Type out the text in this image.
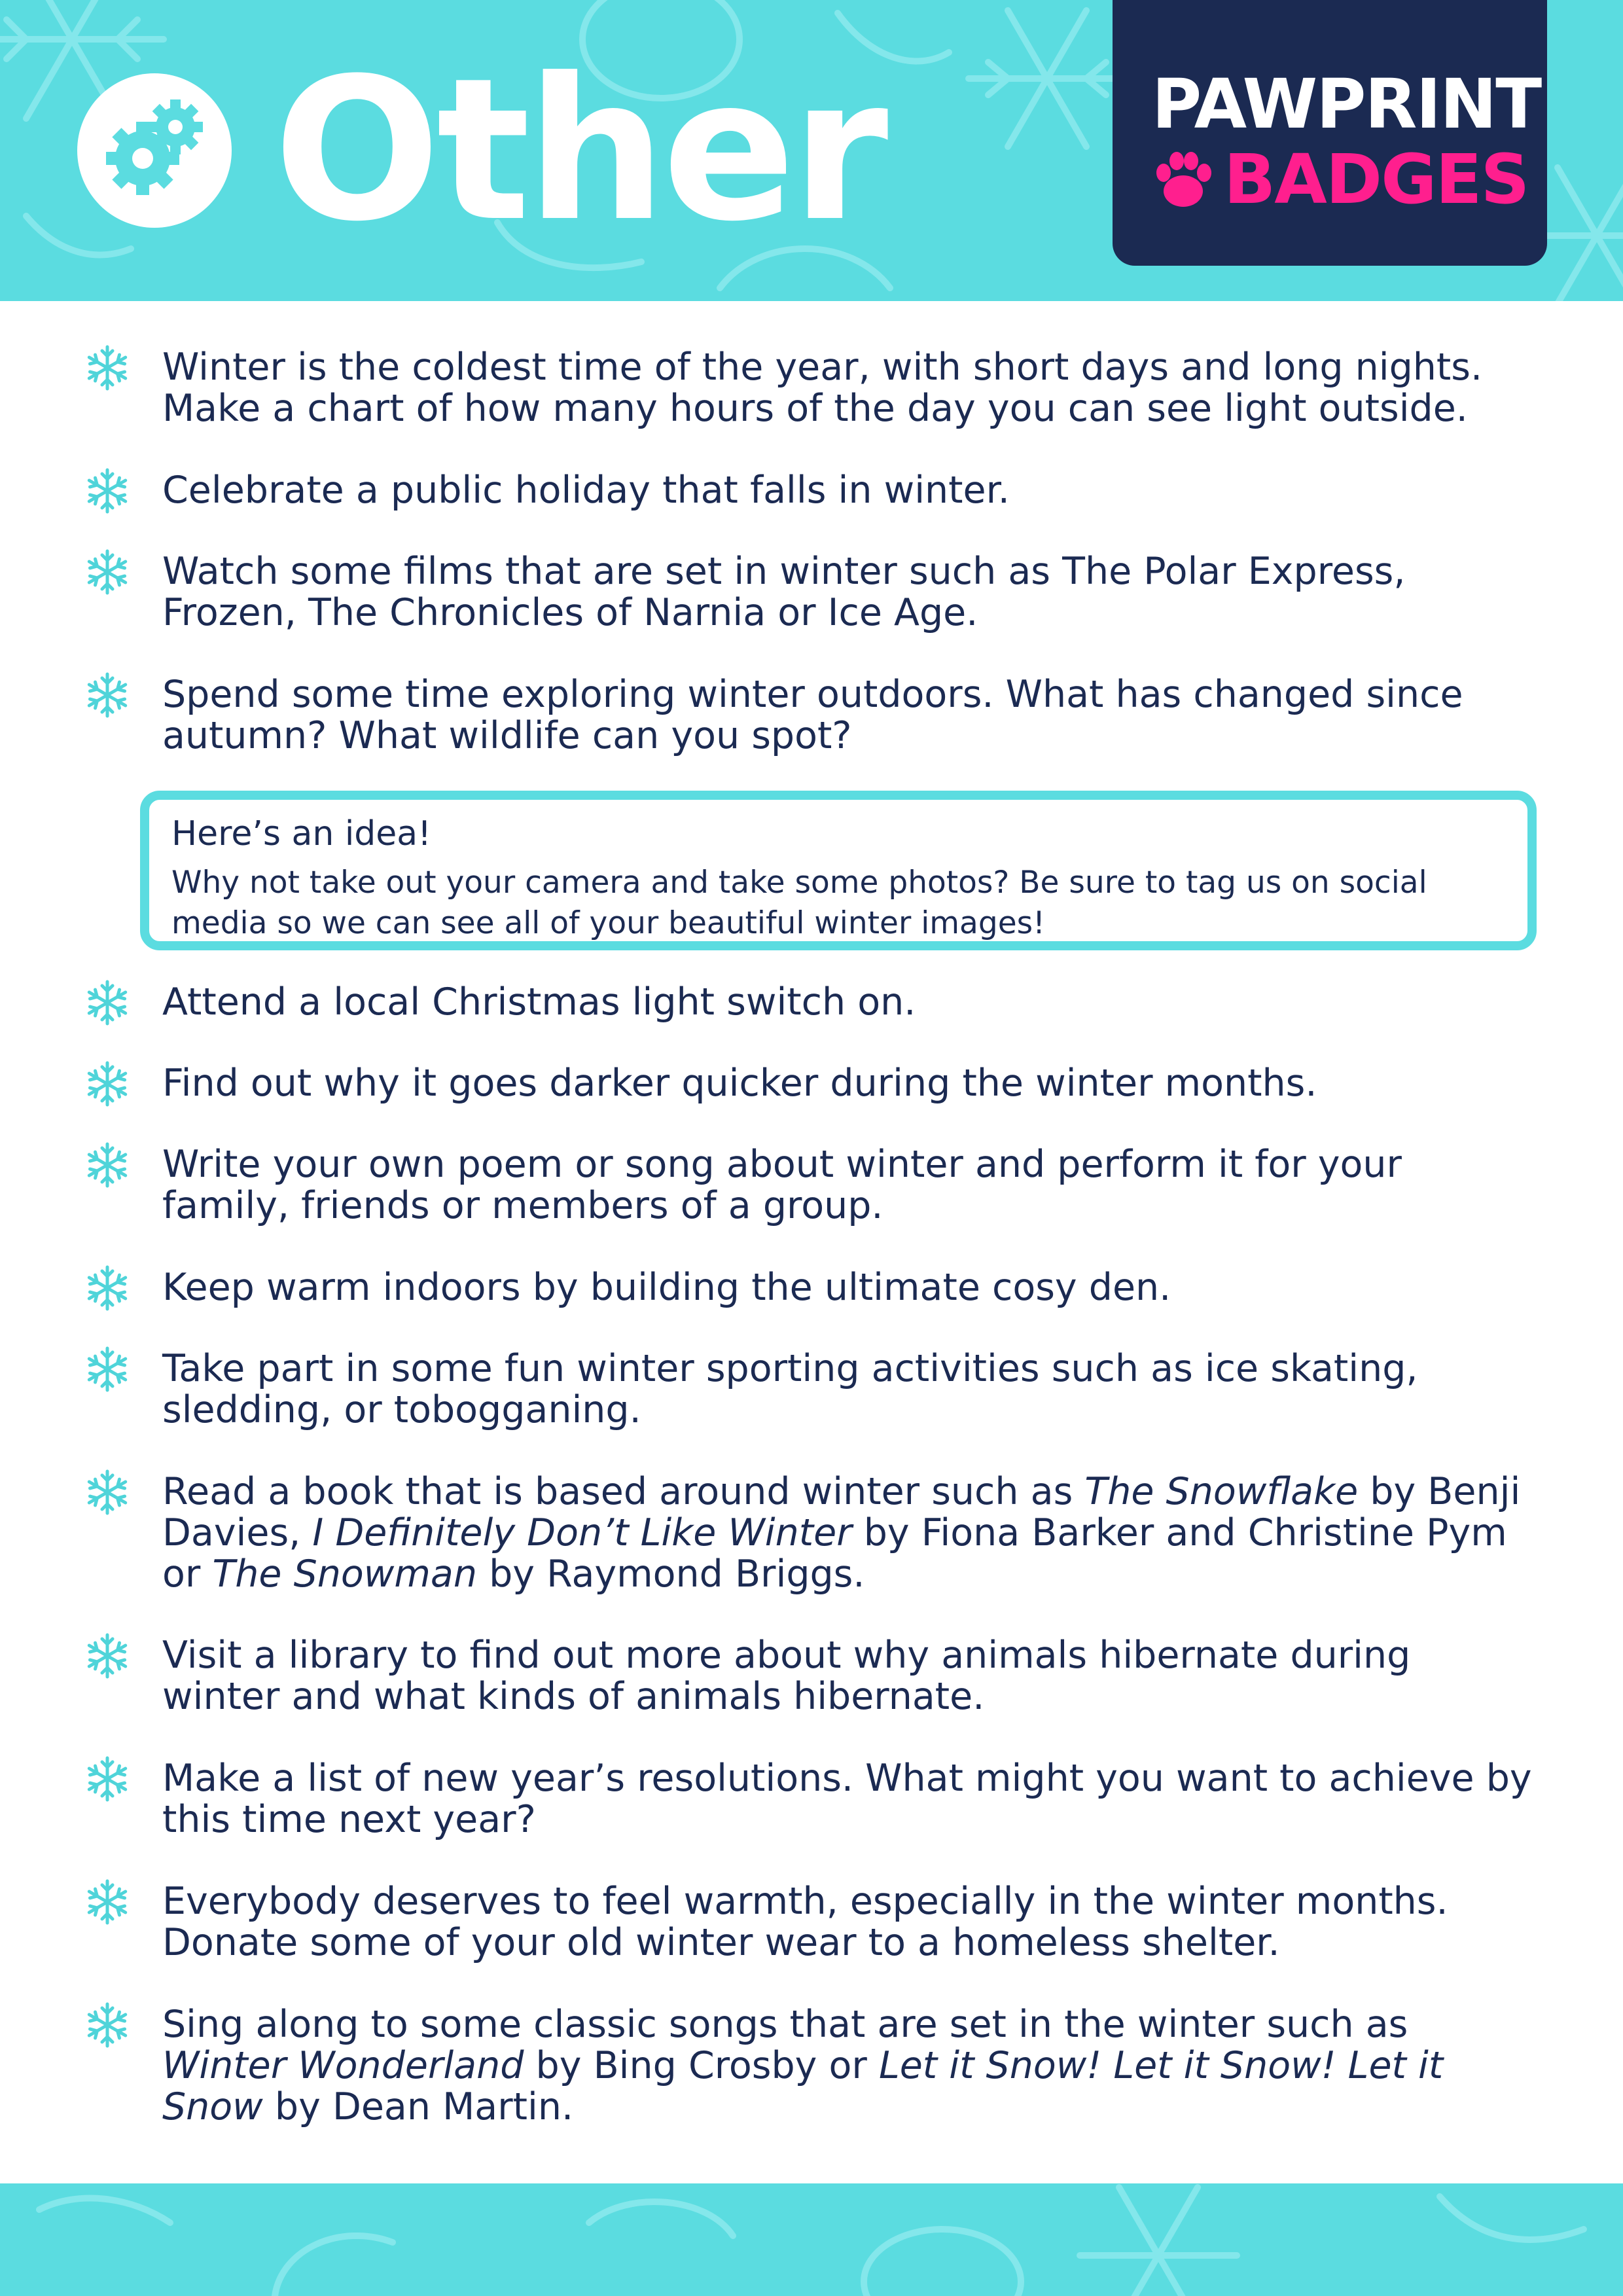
Other	PAWPRINT
BADGES
Winter is the coldest time of the year, with short days and long nights. Make a chart of how many hours of the day you can see light outside.
Celebrate a public holiday that falls in winter.
Watch some films that are set in winter such as The Polar Express, Frozen, The Chronicles of Narnia or Ice Age.
Spend some time exploring winter outdoors. What has changed since autumn? What wildlife can you spot?
Attend a local Christmas light switch on.
Find out why it goes darker quicker during the winter months.
Write your own poem or song about winter and perform it for your family, friends or members of a group.
Keep warm indoors by building the ultimate cosy den.
Take part in some fun winter sporting activities such as ice skating, sledding, or tobogganing.
Read a book that is based around winter such as The Snowflake by Benji Davies, I Definitely Don’t Like Winter by Fiona Barker and Christine Pym or The Snowman by Raymond Briggs.
Visit a library to find out more about why animals hibernate during winter and what kinds of animals hibernate.
Make a list of new year’s resolutions. What might you want to achieve by this time next year?
Everybody deserves to feel warmth, especially in the winter months. Donate some of your old winter wear to a homeless shelter.
Sing along to some classic songs that are set in the winter such as Winter Wonderland by Bing Crosby or Let it Snow! Let it Snow! Let it Snow by Dean Martin.
Here’s an idea!
Why not take out your camera and take some photos? Be sure to tag us on social media so we can see all of your beautiful winter images!
